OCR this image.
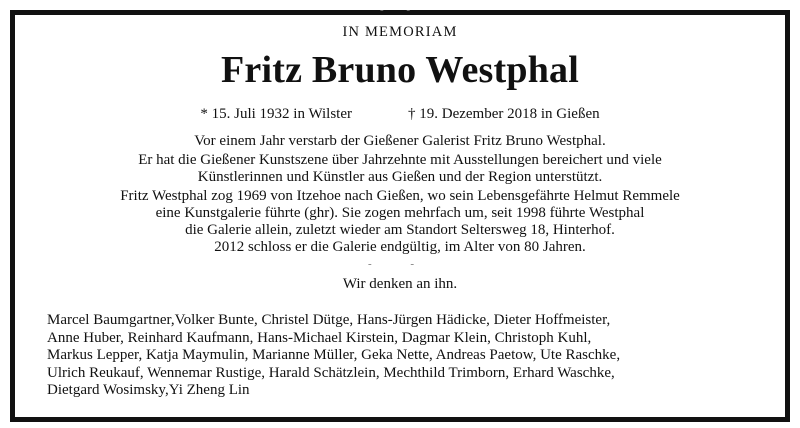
- -
IN MEMORIAM
Fritz Bruno Westphal
* 15. Juli 1932 in Wilster	† 19. Dezember 2018 in Gießen

Vor einem Jahr verstarb der Gießener Galerist Fritz Bruno Westphal.

Er hat die Gießener Kunstszene über Jahrzehnte mit Ausstellungen bereichert und viele
Künstlerinnen und Künstler aus Gießen und der Region unterstützt.

Fritz Westphal zog 1969 von Itzehoe nach Gießen, wo sein Lebensgefährte Helmut Remmele
eine Kunstgalerie führte (ghr). Sie zogen mehrfach um, seit 1998 führte Westphal
die Galerie allein, zuletzt wieder am Standort Seltersweg 18, Hinterhof.
2012 schloss er die Galerie endgültig, im Alter von 80 Jahren.

- -
Wir denken an ihn.
Marcel Baumgartner,Volker Bunte, Christel Dütge, Hans-Jürgen Hädicke, Dieter Hoffmeister,
Anne Huber, Reinhard Kaufmann, Hans-Michael Kirstein, Dagmar Klein, Christoph Kuhl,
Markus Lepper, Katja Maymulin, Marianne Müller, Geka Nette, Andreas Paetow, Ute Raschke,
Ulrich Reukauf, Wennemar Rustige, Harald Schätzlein, Mechthild Trimborn, Erhard Waschke,
Dietgard Wosimsky,Yi Zheng Lin
